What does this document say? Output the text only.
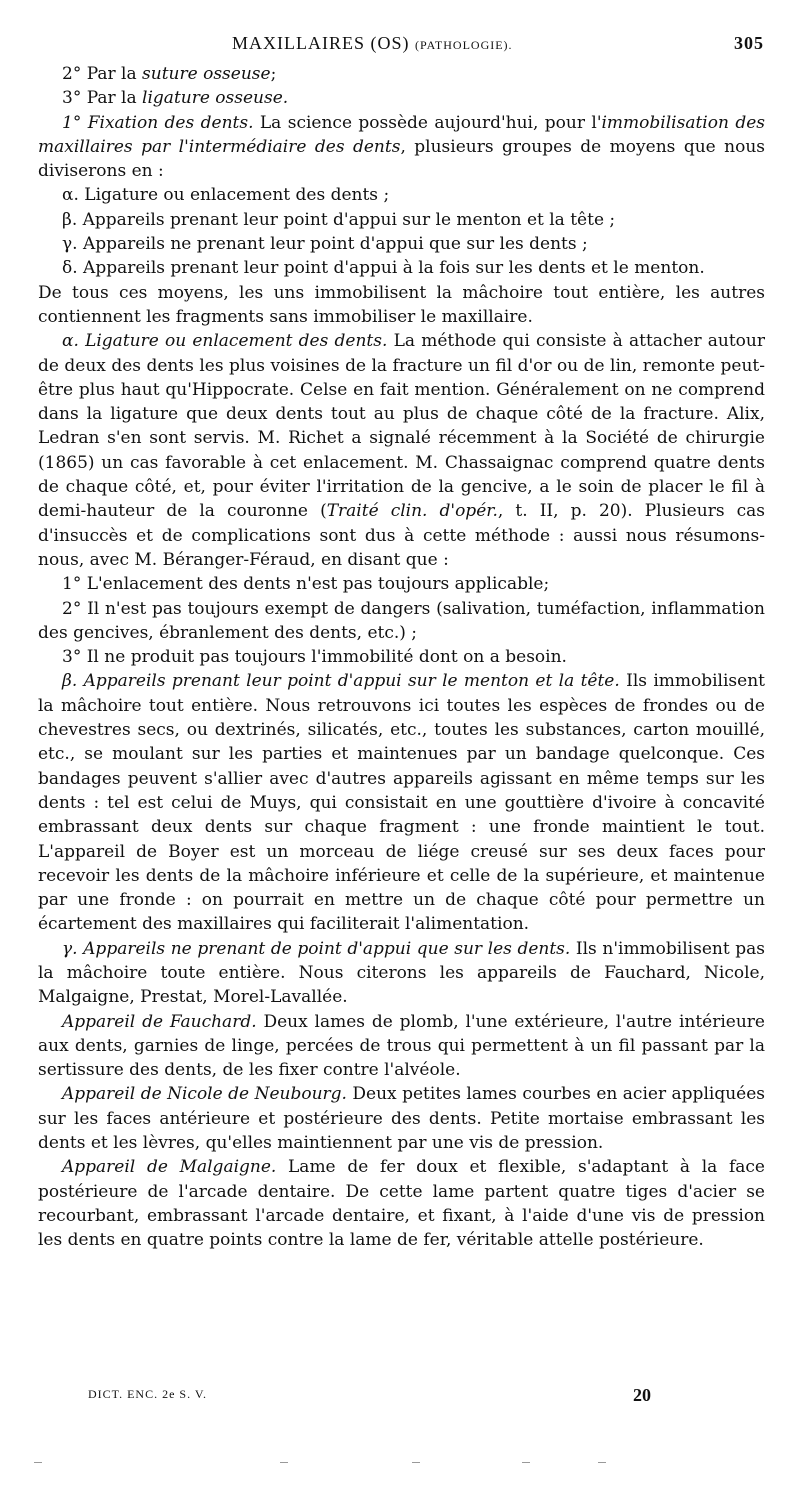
MAXILLAIRES (OS) (PATHOLOGIE).	305

2° Par la suture osseuse;

3° Par la ligature osseuse.

1° Fixation des dents. La science possède aujourd'hui, pour l'immobilisation des maxillaires par l'intermédiaire des dents, plusieurs groupes de moyens que nous diviserons en :

α. Ligature ou enlacement des dents ;

β. Appareils prenant leur point d'appui sur le menton et la tête ;

γ. Appareils ne prenant leur point d'appui que sur les dents ;

δ. Appareils prenant leur point d'appui à la fois sur les dents et le menton.

De tous ces moyens, les uns immobilisent la mâchoire tout entière, les autres contiennent les fragments sans immobiliser le maxillaire.

α. Ligature ou enlacement des dents. La méthode qui consiste à attacher autour de deux des dents les plus voisines de la fracture un fil d'or ou de lin, remonte peut-être plus haut qu'Hippocrate. Celse en fait mention. Généralement on ne comprend dans la ligature que deux dents tout au plus de chaque côté de la fracture. Alix, Ledran s'en sont servis. M. Richet a signalé récemment à la Société de chirurgie (1865) un cas favorable à cet enlacement. M. Chassaignac comprend quatre dents de chaque côté, et, pour éviter l'irritation de la gencive, a le soin de placer le fil à demi-hauteur de la couronne (Traité clin. d'opér., t. II, p. 20). Plusieurs cas d'insuccès et de complications sont dus à cette méthode : aussi nous résumons-nous, avec M. Béranger-Féraud, en disant que :

1° L'enlacement des dents n'est pas toujours applicable;

2° Il n'est pas toujours exempt de dangers (salivation, tuméfaction, inflammation des gencives, ébranlement des dents, etc.) ;

3° Il ne produit pas toujours l'immobilité dont on a besoin.

β. Appareils prenant leur point d'appui sur le menton et la tête. Ils immobilisent la mâchoire tout entière. Nous retrouvons ici toutes les espèces de frondes ou de chevestres secs, ou dextrinés, silicatés, etc., toutes les substances, carton mouillé, etc., se moulant sur les parties et maintenues par un bandage quelconque. Ces bandages peuvent s'allier avec d'autres appareils agissant en même temps sur les dents : tel est celui de Muys, qui consistait en une gouttière d'ivoire à concavité embrassant deux dents sur chaque fragment : une fronde maintient le tout. L'appareil de Boyer est un morceau de liége creusé sur ses deux faces pour recevoir les dents de la mâchoire inférieure et celle de la supérieure, et maintenue par une fronde : on pourrait en mettre un de chaque côté pour permettre un écartement des maxillaires qui faciliterait l'alimentation.

γ. Appareils ne prenant de point d'appui que sur les dents. Ils n'immobilisent pas la mâchoire toute entière. Nous citerons les appareils de Fauchard, Nicole, Malgaigne, Prestat, Morel-Lavallée.

Appareil de Fauchard. Deux lames de plomb, l'une extérieure, l'autre intérieure aux dents, garnies de linge, percées de trous qui permettent à un fil passant par la sertissure des dents, de les fixer contre l'alvéole.

Appareil de Nicole de Neubourg. Deux petites lames courbes en acier appliquées sur les faces antérieure et postérieure des dents. Petite mortaise embrassant les dents et les lèvres, qu'elles maintiennent par une vis de pression.

Appareil de Malgaigne. Lame de fer doux et flexible, s'adaptant à la face postérieure de l'arcade dentaire. De cette lame partent quatre tiges d'acier se recourbant, embrassant l'arcade dentaire, et fixant, à l'aide d'une vis de pression les dents en quatre points contre la lame de fer, véritable attelle postérieure.

DICT. ENC. 2e S. V.	20
